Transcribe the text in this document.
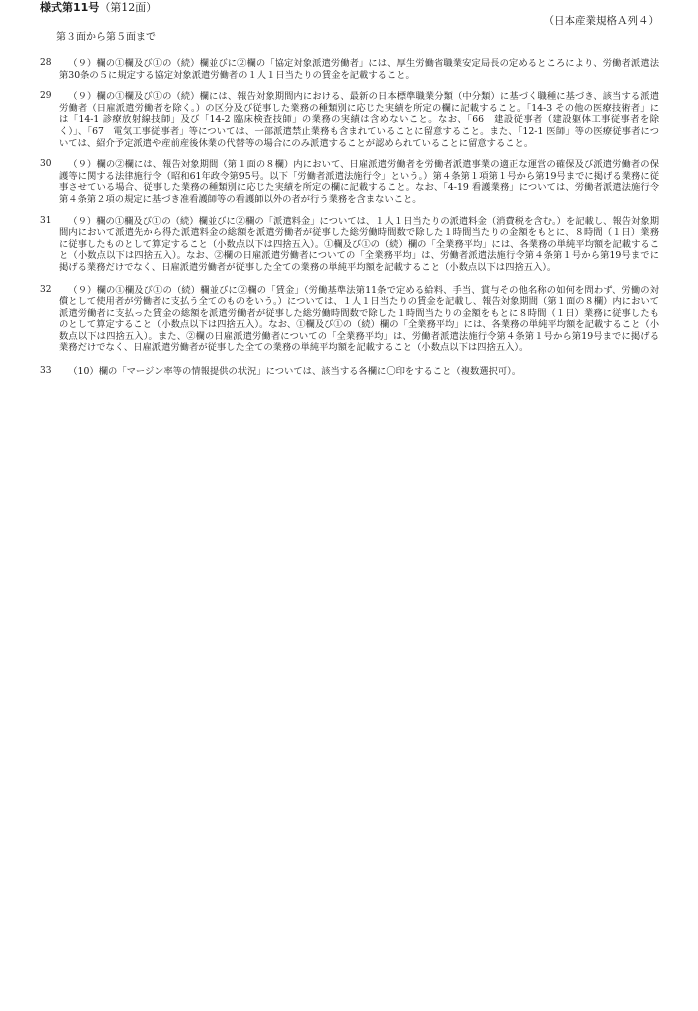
様式第11号（第12面）
（日本産業規格Ａ列４）
第３面から第５面まで
28	（９）欄の①欄及び①の（続）欄並びに②欄の「協定対象派遣労働者」には、厚生労働省職業安定局長の定めるところにより、労働者派遣法第30条の５に規定する協定対象派遣労働者の１人１日当たりの賃金を記載すること。
29	（９）欄の①欄及び①の（続）欄には、報告対象期間内における、最新の日本標準職業分類（中分類）に基づく職種に基づき、該当する派遣労働者（日雇派遣労働者を除く。）の区分及び従事した業務の種類別に応じた実績を所定の欄に記載すること。「14-3 その他の医療技術者」には「14-1 診療放射線技師」及び「14-2 臨床検査技師」の業務の実績は含めないこと。なお、「66　建設従事者（建設躯体工事従事者を除く）」、「67　電気工事従事者」等については、一部派遣禁止業務も含まれていることに留意すること。また、「12-1 医師」等の医療従事者については、紹介予定派遣や産前産後休業の代替等の場合にのみ派遣することが認められていることに留意すること。
30	（９）欄の②欄には、報告対象期間（第１面の８欄）内において、日雇派遣労働者を労働者派遣事業の適正な運営の確保及び派遣労働者の保護等に関する法律施行令（昭和61年政令第95号。以下「労働者派遣法施行令」という。）第４条第１項第１号から第19号までに掲げる業務に従事させている場合、従事した業務の種類別に応じた実績を所定の欄に記載すること。なお、「4-19 看護業務」については、労働者派遣法施行令第４条第２項の規定に基づき准看護師等の看護師以外の者が行う業務を含まないこと。
31	（９）欄の①欄及び①の（続）欄並びに②欄の「派遣料金」については、１人１日当たりの派遣料金（消費税を含む。）を記載し、報告対象期間内において派遣先から得た派遣料金の総額を派遣労働者が従事した総労働時間数で除した１時間当たりの金額をもとに、８時間（１日）業務に従事したものとして算定すること（小数点以下は四捨五入）。①欄及び①の（続）欄の「全業務平均」には、各業務の単純平均額を記載すること（小数点以下は四捨五入）。なお、②欄の日雇派遣労働者についての「全業務平均」は、労働者派遣法施行令第４条第１号から第19号までに掲げる業務だけでなく、日雇派遣労働者が従事した全ての業務の単純平均額を記載すること（小数点以下は四捨五入）。
32	（９）欄の①欄及び①の（続）欄並びに②欄の「賃金」（労働基準法第11条で定める給料、手当、賞与その他名称の如何を問わず、労働の対償として使用者が労働者に支払う全てのものをいう。）については、１人１日当たりの賃金を記載し、報告対象期間（第１面の８欄）内において派遣労働者に支払った賃金の総額を派遣労働者が従事した総労働時間数で除した１時間当たりの金額をもとに８時間（１日）業務に従事したものとして算定すること（小数点以下は四捨五入）。なお、①欄及び①の（続）欄の「全業務平均」には、各業務の単純平均額を記載すること（小数点以下は四捨五入）。また、②欄の日雇派遣労働者についての「全業務平均」は、労働者派遣法施行令第４条第１号から第19号までに掲げる業務だけでなく、日雇派遣労働者が従事した全ての業務の単純平均額を記載すること（小数点以下は四捨五入）。
33	（10）欄の「マージン率等の情報提供の状況」については、該当する各欄に〇印をすること（複数選択可）。
